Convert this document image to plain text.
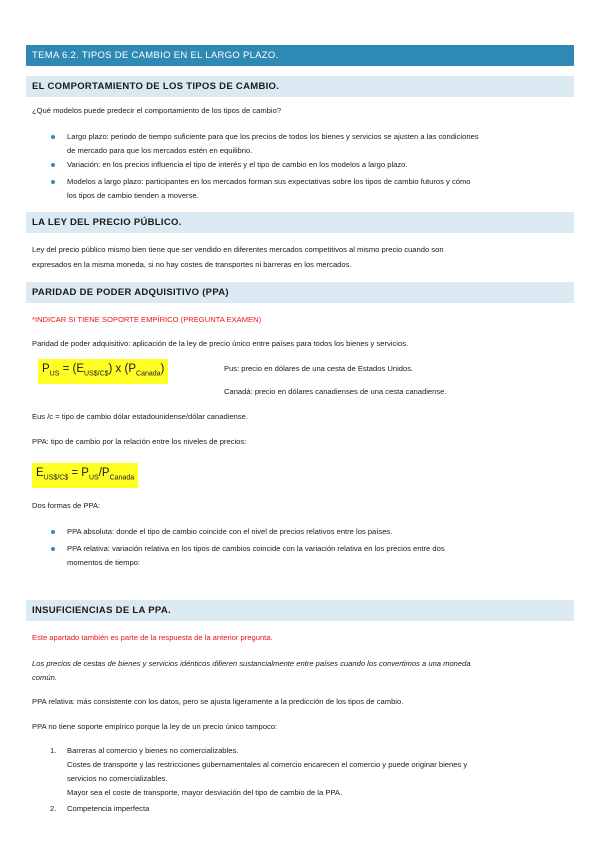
TEMA 6.2. TIPOS DE CAMBIO EN EL LARGO PLAZO.
EL COMPORTAMIENTO DE LOS TIPOS DE CAMBIO.
¿Qué modelos puede predecir el comportamiento de los tipos de cambio?
Largo plazo: periodo de tiempo suficiente para que los precios de todos los bienes y servicios se ajusten a las condiciones
de mercado para que los mercados estén en equilibrio.
Variación: en los precios influencia el tipo de interés y el tipo de cambio en los modelos a largo plazo.
Modelos a largo plazo: participantes en los mercados forman sus expectativas sobre los tipos de cambio futuros y cómo
los tipos de cambio tienden a moverse.
LA LEY DEL PRECIO PÚBLICO.
Ley del precio público mismo bien tiene que ser vendido en diferentes mercados competitivos al mismo precio cuando son
expresados en la misma moneda, si no hay costes de transportes ni barreras en los mercados.
PARIDAD DE PODER ADQUISITIVO (PPA)
*INDICAR SI TIENE SOPORTE EMPÍRICO (PREGUNTA EXAMEN)
Paridad de poder adquisitivo: aplicación de la ley de precio único entre países para todos los bienes y servicios.
$P_{US} = (E_{US\$/C\$})$ x $(P_{Canada})$	Pus: precio en dólares de una cesta de Estados Unidos.
Canadá: precio en dólares canadienses de una cesta canadiense.
Eus /c = tipo de cambio dólar estadounidense/dólar canadiense.
PPA: tipo de cambio por la relación entre los niveles de precios:
$E_{US\$/C\$} = P_{US}/P_{Canada}$
Dos formas de PPA:
PPA absoluta: donde el tipo de cambio coincide con el nivel de precios relativos entre los países.
PPA relativa: variación relativa en los tipos de cambios coincide con la variación relativa en los precios entre dos
momentos de tiempo:
INSUFICIENCIAS DE LA PPA.
Este apartado también es parte de la respuesta de la anterior pregunta.
Los precios de cestas de bienes y servicios idénticos difieren sustancialmente entre países cuando los convertimos a una moneda
común.
PPA relativa: más consistente con los datos, pero se ajusta ligeramente a la predicción de los tipos de cambio.
PPA no tiene soporte empírico porque la ley de un precio único tampoco:
1. Barreras al comercio y bienes no comercializables.
Costes de transporte y las restricciones gubernamentales al comercio encarecen el comercio y puede originar bienes y
servicios no comercializables.
Mayor sea el coste de transporte, mayor desviación del tipo de cambio de la PPA.
2. Competencia imperfecta
